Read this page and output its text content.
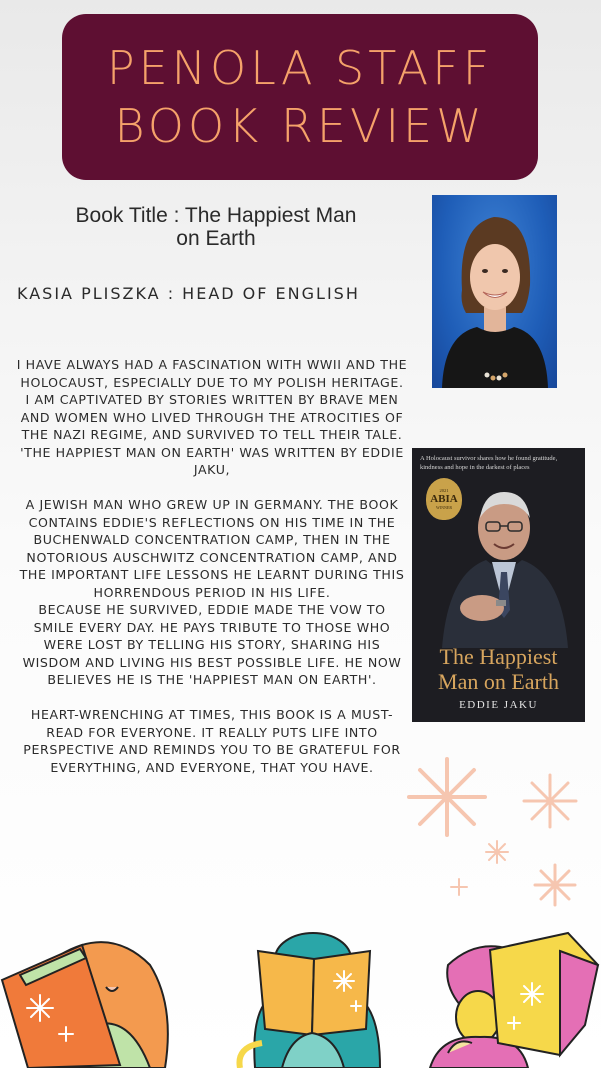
PENOLA STAFF
BOOK REVIEW
Book Title : The Happiest Man
on Earth
KASIA PLISZKA : HEAD OF ENGLISH
A Holocaust survivor shares how he found gratitude, kindness and hope in the darkest of places
2021
ABIA
WINNER
The Happiest
Man on Earth
EDDIE JAKU

I HAVE ALWAYS HAD A FASCINATION WITH WWII AND THE HOLOCAUST, ESPECIALLY DUE TO MY POLISH HERITAGE. I AM CAPTIVATED BY STORIES WRITTEN BY BRAVE MEN AND WOMEN WHO LIVED THROUGH THE ATROCITIES OF THE NAZI REGIME, AND SURVIVED TO TELL THEIR TALE. 'THE HAPPIEST MAN ON EARTH' WAS WRITTEN BY EDDIE JAKU,

A JEWISH MAN WHO GREW UP IN GERMANY. THE BOOK CONTAINS EDDIE'S REFLECTIONS ON HIS TIME IN THE BUCHENWALD CONCENTRATION CAMP, THEN IN THE NOTORIOUS AUSCHWITZ CONCENTRATION CAMP, AND THE IMPORTANT LIFE LESSONS HE LEARNT DURING THIS HORRENDOUS PERIOD IN HIS LIFE.

BECAUSE HE SURVIVED, EDDIE MADE THE VOW TO SMILE EVERY DAY. HE PAYS TRIBUTE TO THOSE WHO WERE LOST BY TELLING HIS STORY, SHARING HIS WISDOM AND LIVING HIS BEST POSSIBLE LIFE. HE NOW BELIEVES HE IS THE 'HAPPIEST MAN ON EARTH'.

HEART-WRENCHING AT TIMES, THIS BOOK IS A MUST-READ FOR EVERYONE. IT REALLY PUTS LIFE INTO PERSPECTIVE AND REMINDS YOU TO BE GRATEFUL FOR EVERYTHING, AND EVERYONE, THAT YOU HAVE.
